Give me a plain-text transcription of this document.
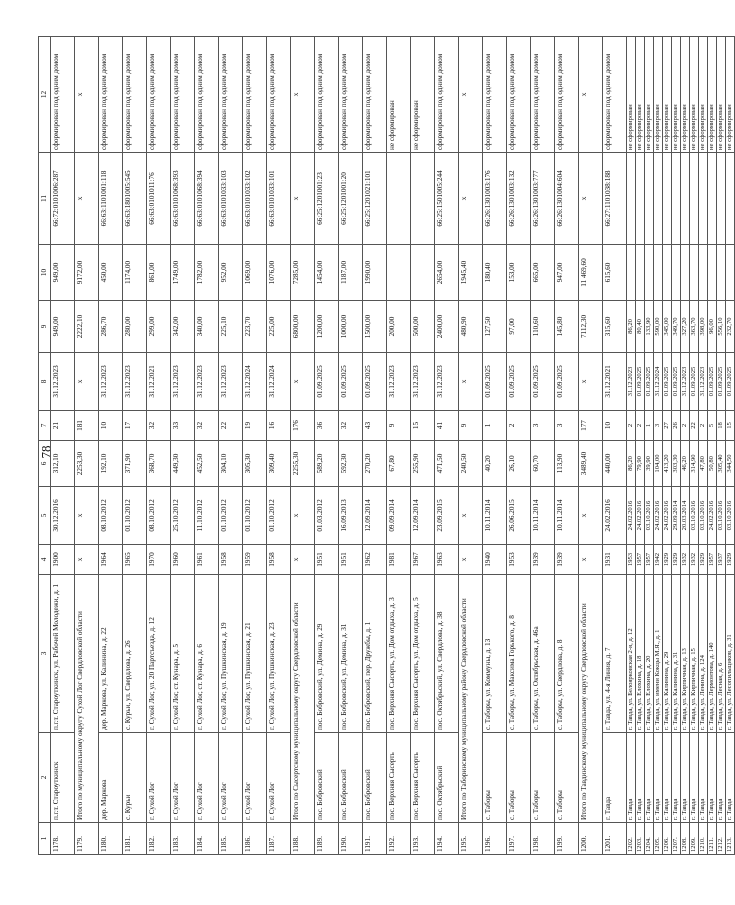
78
1	2	3	4	5	6	7	8	9	10	11	12
1178.	п.г.т. Староуткинск	п.г.т. Староуткинск, ул. Рабочей Молодежи, д. 1	1900	30.12.2016	312,10	21	31.12.2023	949,00	949,00	66:72:0101006:287	сформирован под одним домом
1179.	Итого по муниципальному округу Сухой Лог Свердловской области	x	x	2253,30	181	x	2222,10	9172,00	x	x
1180.	дер. Маркова	дер. Маркова, ул. Калинина, д. 22	1964	08.10.2012	192,10	10	31.12.2023	286,70	450,00	66:63:1101001:118	сформирован под одним домом
1181.	с. Курьи	с. Курьи, ул. Свердлова, д. 26	1965	01.10.2012	371,90	17	31.12.2023	280,00	1174,00	66:63:1801005:545	сформирован под одним домом
1182.	г. Сухой Лог	г. Сухой Лог, ул. 20 Партсъезда, д. 12	1970	08.10.2012	368,70	32	31.12.2021	299,00	861,00	66:63:0101011:76	сформирован под одним домом
1183.	г. Сухой Лог	г. Сухой Лог, ст. Кунара, д. 5	1960	25.10.2012	449,30	33	31.12.2023	342,00	1749,00	66:63:0101068:393	сформирован под одним домом
1184.	г. Сухой Лог	г. Сухой Лог, ст. Кунара, д. 6	1961	11.10.2012	452,50	32	31.12.2023	340,00	1782,00	66:63:0101068:394	сформирован под одним домом
1185.	г. Сухой Лог	г. Сухой Лог, ул. Пушкинская, д. 19	1958	01.10.2012	304,10	22	31.12.2023	225,10	952,00	66:63:0101033:103	сформирован под одним домом
1186.	г. Сухой Лог	г. Сухой Лог, ул. Пушкинская, д. 21	1959	01.10.2012	305,30	19	31.12.2024	223,70	1069,00	66:63:0101033:102	сформирован под одним домом
1187.	г. Сухой Лог	г. Сухой Лог, ул. Пушкинская, д. 23	1958	01.10.2012	309,40	16	31.12.2024	225,00	1076,00	66:63:0101033:101	сформирован под одним домом
1188.	Итого по Сысертскому муниципальному округу Свердловской области	x	x	2255,30	176	x	6800,00	7285,00	x	x
1189.	пос. Бобровский	пос. Бобровский, ул. Демина, д. 29	1951	01.03.2012	589,20	36	01.09.2025	1200,00	1454,00	66:25:1201001:23	сформирован под одним домом
1190.	пос. Бобровский	пос. Бобровский, ул. Демина, д. 31	1951	16.09.2013	592,30	32	01.09.2025	1000,00	1187,00	66:25:1201001:20	сформирован под одним домом
1191.	пос. Бобровский	пос. Бобровский, пер. Дружбы, д. 1	1962	12.09.2014	270,20	43	01.09.2025	1500,00	1990,00	66:25:1201021:101	сформирован под одним домом
1192.	пос. Верхняя Сысерть	пос. Верхняя Сысерть, ул. Дом отдыха, д. 3	1981	09.09.2014	67,80	9	31.12.2023	200,00			не сформирован
1193.	пос. Верхняя Сысерть	пос. Верхняя Сысерть, ул. Дом отдыха, д. 5	1967	12.09.2014	255,90	15	31.12.2023	500,00			не сформирован
1194.	пос. Октябрьский	пос. Октябрьский, ул. Свердлова, д. 38	1963	23.09.2015	471,50	41	31.12.2023	2400,00	2654,00	66:25:1501005:244	сформирован под одним домом
1195.	Итого по Таборинскому муниципальному району Свердловской области	x	x	240,50	9	x	480,90	1945,40	x	x
1196.	с. Таборы	с. Таборы, ул. Коммуны, д. 13	1940	10.11.2014	40,20	1	01.09.2025	127,50	180,40	66:26:1301003:176	сформирован под одним домом
1197.	с. Таборы	с. Таборы, ул. Максима Горького, д. 8	1953	26.06.2015	26,10	2	01.09.2025	97,00	153,00	66:26:1301003:132	сформирован под одним домом
1198.	с. Таборы	с. Таборы, ул. Октябрьская, д. 46а	1939	10.11.2014	60,70	3	01.09.2025	110,60	665,00	66:26:1301003:777	сформирован под одним домом
1199.	с. Таборы	с. Таборы, ул. Свердлова, д. 8	1939	10.11.2014	113,90	3	01.09.2025	145,80	947,00	66:26:1301004:604	сформирован под одним домом
1200.	Итого по Тавдинскому муниципальному округу Свердловской области	x	x	3489,40	177	x	7112,30	11 469,60	x	x
1201.	г. Тавда	г. Тавда, ул. 4-я Линия, д. 7	1931	24.02.2016	440,00	10	31.12.2021	315,60	615,60	66:27:1101038:188	сформирован под одним домом
1202.	г. Тавда	г. Тавда, ул. Белоярковская 2-я, д. 12	1953	24.02.2016	86,20	2	31.12.2023	86,20			не сформирован
1203.	г. Тавда	г. Тавда, ул. Елохина, д. 18	1957	24.02.2016	79,90	2	01.09.2025	80,40			не сформирован
1204.	г. Тавда	г. Тавда, ул. Елохина, д. 20	1957	03.10.2016	39,90	1	01.09.2025	133,90			не сформирован
1205.	г. Тавда	г. Тавда, ул. имени Кокцы М.Я., д. 1	1942	24.02.2016	104,00	3	31.12.2024	590,00			не сформирован
1206.	г. Тавда	г. Тавда, ул. Калинина, д. 29	1929	24.02.2016	413,20	27	01.09.2025	345,00			не сформирован
1207.	г. Тавда	г. Тавда, ул. Калинина, д. 31	1929	29.09.2014	303,30	26	01.09.2025	349,70			не сформирован
1208.	г. Тавда	г. Тавда, ул. Кирпичная, д. 13	1932	20.03.2014	46,20	2	31.12.2023	327,20			не сформирован
1209.	г. Тавда	г. Тавда, ул. Кирпичная, д. 15	1932	03.10.2016	314,90	22	01.09.2025	363,70			не сформирован
1210.	г. Тавда	г. Тавда, ул. Ленина, д. 124	1929	03.10.2016	47,80	2	31.12.2023	398,00			не сформирован
1211.	г. Тавда	г. Тавда, ул. Лермонтова, д. 140	1957	24.02.2016	50,80	5	01.09.2025	96,00			не сформирован
1212.	г. Тавда	г. Тавда, ул. Лесная, д. 6	1937	03.10.2016	305,40	18	01.09.2025	556,10			не сформирован
1213.	г. Тавда	г. Тавда, ул. Лесопильщиков, д. 31	1929	03.10.2016	344,50	15	01.09.2025	232,70			не сформирован
